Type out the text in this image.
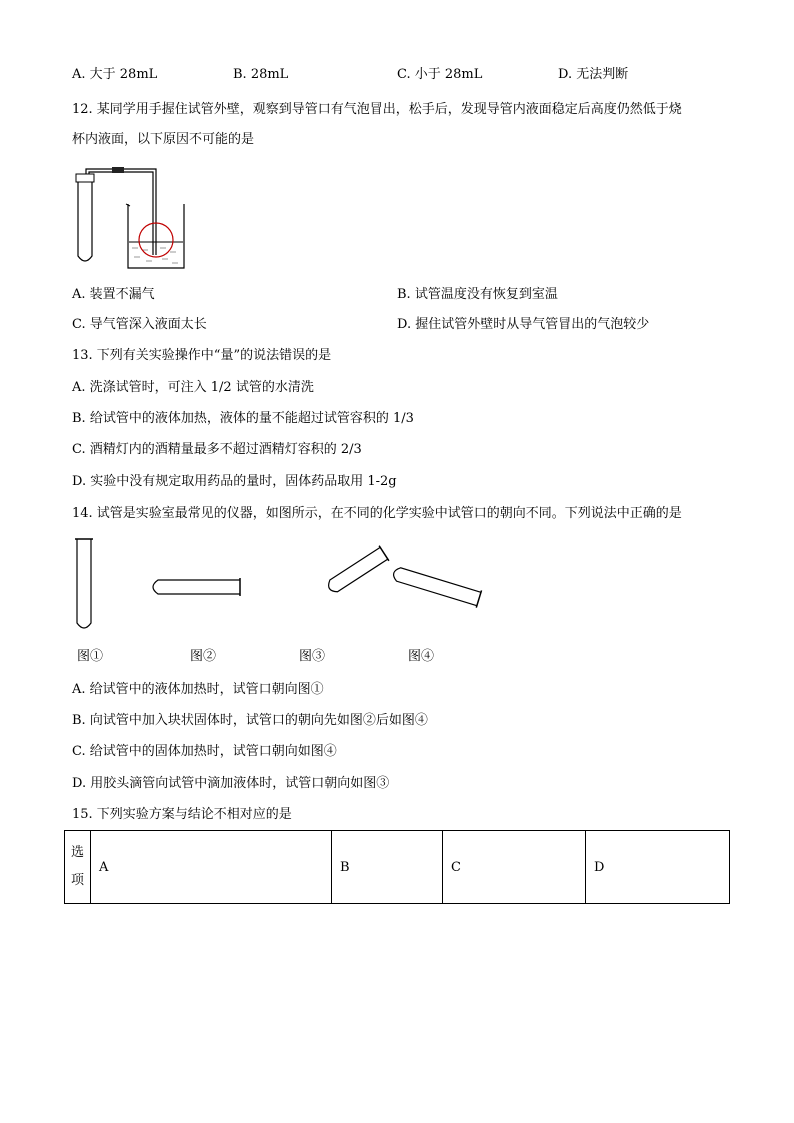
A. 大于 28mL	B. 28mL	C. 小于 28mL	D. 无法判断
12. 某同学用手握住试管外壁，观察到导管口有气泡冒出，松手后，发现导管内液面稳定后高度仍然低于烧
杯内液面，以下原因不可能的是
A. 装置不漏气	B. 试管温度没有恢复到室温
C. 导气管深入液面太长	D. 握住试管外壁时从导气管冒出的气泡较少
13. 下列有关实验操作中“量”的说法错误的是
A. 洗涤试管时，可注入 1/2 试管的水清洗
B. 给试管中的液体加热，液体的量不能超过试管容积的 1/3
C. 酒精灯内的酒精量最多不超过酒精灯容积的 2/3
D. 实验中没有规定取用药品的量时，固体药品取用 1-2g
14. 试管是实验室最常见的仪器，如图所示，在不同的化学实验中试管口的朝向不同。下列说法中正确的是
图①	图②	图③	图④
A. 给试管中的液体加热时，试管口朝向图①
B. 向试管中加入块状固体时，试管口的朝向先如图②后如图④
C. 给试管中的固体加热时，试管口朝向如图④
D. 用胶头滴管向试管中滴加液体时，试管口朝向如图③
15. 下列实验方案与结论不相对应的是
选
项
	A	B	C	D
